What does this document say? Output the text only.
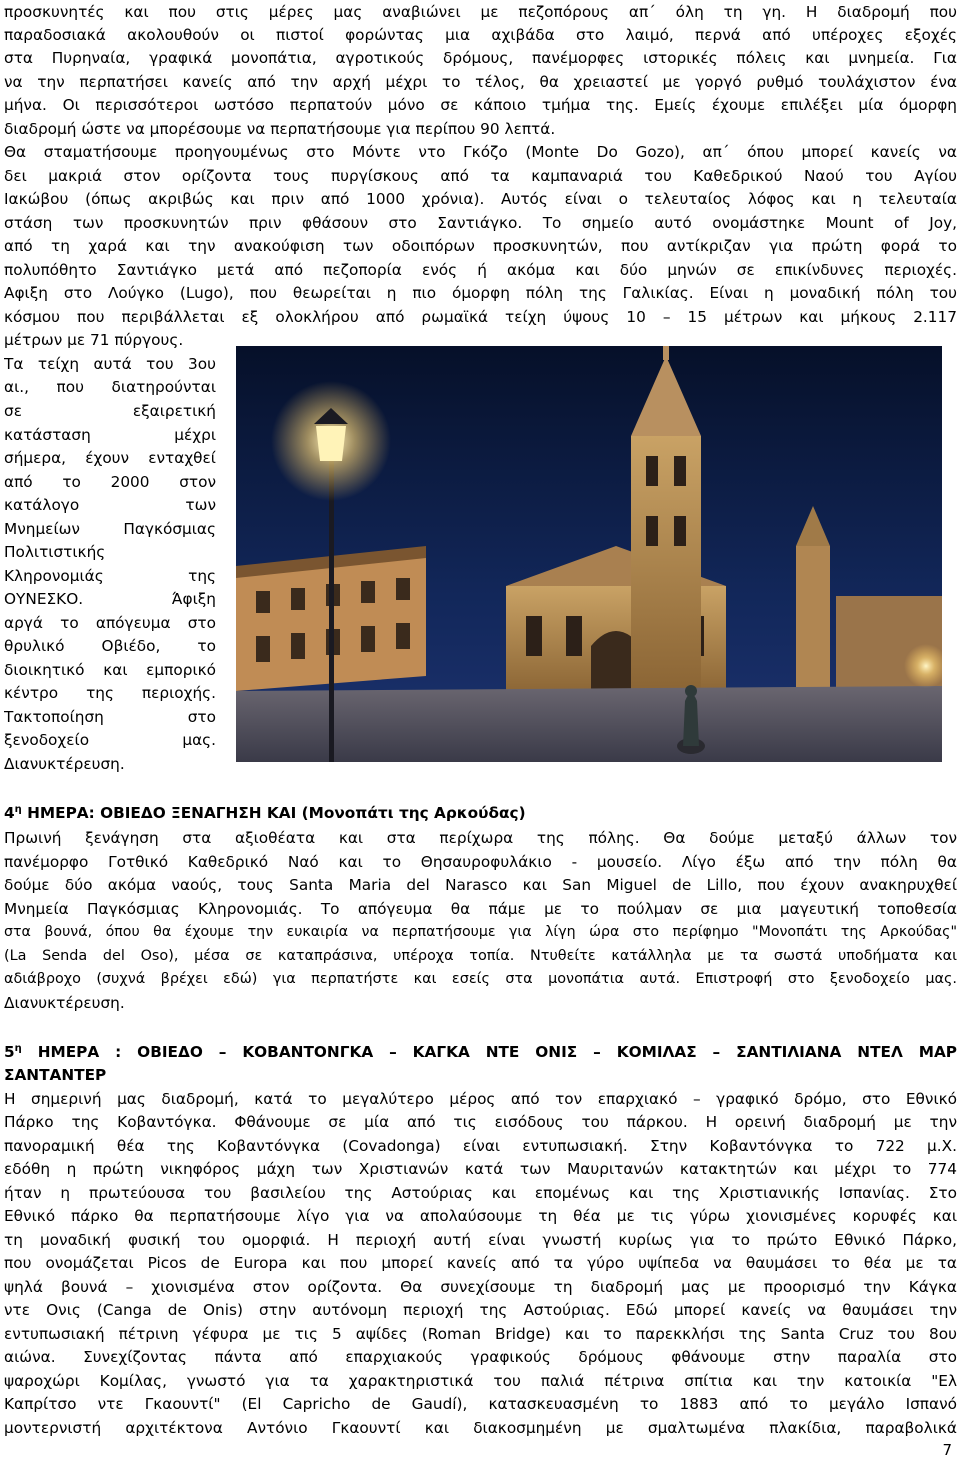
προσκυνητές και που στις μέρες μας αναβιώνει με πεζοπόρους απ΄ όλη τη γη. Η διαδρομή που
παραδοσιακά ακολουθούν οι πιστοί φορώντας μια αχιβάδα στο λαιμό, περνά από υπέροχες εξοχές
στα Πυρηναία, γραφικά μονοπάτια, αγροτικούς δρόμους, πανέμορφες ιστορικές πόλεις και μνημεία. Για
να την περπατήσει κανείς από την αρχή μέχρι το τέλος, θα χρειαστεί με γοργό ρυθμό τουλάχιστον ένα
μήνα. Οι περισσότεροι ωστόσο περπατούν μόνο σε κάποιο τμήμα της. Εμείς έχουμε επιλέξει μία όμορφη
διαδρομή ώστε να μπορέσουμε να περπατήσουμε για περίπου 90 λεπτά.
Θα σταματήσουμε προηγουμένως στο Μόντε ντο Γκόζο (Monte Do Gozo), απ΄ όπου μπορεί κανείς να
δει μακριά στον ορίζοντα τους πυργίσκους από τα καμπαναριά του Καθεδρικού Ναού του Αγίου
Ιακώβου (όπως ακριβώς και πριν από 1000 χρόνια). Αυτός είναι ο τελευταίος λόφος και η τελευταία
στάση των προσκυνητών πριν φθάσουν στο Σαντιάγκο. Το σημείο αυτό ονομάστηκε Mount of Joy,
από τη χαρά και την ανακούφιση των οδοιπόρων προσκυνητών, που αντίκριζαν για πρώτη φορά το
πολυπόθητο Σαντιάγκο μετά από πεζοπορία ενός ή ακόμα και δύο μηνών σε επικίνδυνες περιοχές.
Αφιξη στο Λούγκο (Lugo), που θεωρείται η πιο όμορφη πόλη της Γαλικίας. Είναι η μοναδική πόλη του
κόσμου που περιβάλλεται εξ ολοκλήρου από ρωμαϊκά τείχη ύψους 10 – 15 μέτρων και μήκους 2.117
μέτρων με 71 πύργους.
Τα τείχη αυτά του 3ου
αι., που διατηρούνται
σε εξαιρετική
κατάσταση μέχρι
σήμερα, έχουν ενταχθεί
από το 2000 στον
κατάλογο των
Μνημείων Παγκόσμιας
Πολιτιστικής
Κληρονομιάς της
ΟΥΝΕΣΚΟ. Άφιξη
αργά το απόγευμα στο
θρυλικό Οβιέδο, το
διοικητικό και εμπορικό
κέντρο της περιοχής.
Τακτοποίηση στο
ξενοδοχείο μας.
Διανυκτέρευση.
$4^\eta$ ΗΜΕΡΑ: ΟΒΙΕΔΟ ΞΕΝΑΓΗΣΗ ΚΑΙ (Μονοπάτι της Αρκούδας)
Πρωινή ξενάγηση στα αξιοθέατα και στα περίχωρα της πόλης. Θα δούμε μεταξύ άλλων τον
πανέμορφο Γοτθικό Καθεδρικό Ναό και το Θησαυροφυλάκιο - μουσείο. Λίγο έξω από την πόλη θα
δούμε δύο ακόμα ναούς, τους Santa Maria del Narasco και San Miguel de Lillo, που έχουν ανακηρυχθεί
Μνημεία Παγκόσμιας Κληρονομιάς. Το απόγευμα θα πάμε με το πούλμαν σε μια μαγευτική τοποθεσία
στα βουνά, όπου θα έχουμε την ευκαιρία να περπατήσουμε για λίγη ώρα στο περίφημο "Μονοπάτι της Αρκούδας"
(La Senda del Oso), μέσα σε καταπράσινα, υπέροχα τοπία. Ντυθείτε κατάλληλα με τα σωστά υποδήματα και
αδιάβροχο (συχνά βρέχει εδώ) για περπατήστε και εσείς στα μονοπάτια αυτά. Επιστροφή στο ξενοδοχείο μας.
Διανυκτέρευση.
$5^\eta$ ΗΜΕΡΑ : ΟΒΙΕΔΟ – ΚΟΒΑΝΤΟΝΓΚΑ – ΚΑΓΚΑ ΝΤΕ ΟΝΙΣ – ΚΟΜΙΛΑΣ – ΣΑΝΤΙΛΙΑΝΑ ΝΤΕΛ ΜΑΡ
ΣΑΝΤΑΝΤΕΡ
Η σημερινή μας διαδρομή, κατά το μεγαλύτερο μέρος από τον επαρχιακό – γραφικό δρόμο, στο Εθνικό
Πάρκο της Κοβαντόγκα. Φθάνουμε σε μία από τις εισόδους του πάρκου. Η ορεινή διαδρομή με την
πανοραμική θέα της Κοβαντόνγκα (Covadonga) είναι εντυπωσιακή. Στην Κοβαντόνγκα το 722 μ.Χ.
εδόθη η πρώτη νικηφόρος μάχη των Χριστιανών κατά των Μαυριτανών κατακτητών και μέχρι το 774
ήταν η πρωτεύουσα του βασιλείου της Αστούριας και επομένως και της Χριστιανικής Ισπανίας. Στο
Εθνικό πάρκο θα περπατήσουμε λίγο για να απολαύσουμε τη θέα με τις γύρω χιονισμένες κορυφές και
τη μοναδική φυσική του ομορφιά. Η περιοχή αυτή είναι γνωστή κυρίως για το πρώτο Εθνικό Πάρκο,
που ονομάζεται Picos de Europa και που μπορεί κανείς από τα γύρο υψίπεδα να θαυμάσει το θέα με τα
ψηλά βουνά – χιονισμένα στον ορίζοντα. Θα συνεχίσουμε τη διαδρομή μας με προορισμό την Κάγκα
ντε Ονις (Canga de Onis) στην αυτόνομη περιοχή της Αστούριας. Εδώ μπορεί κανείς να θαυμάσει την
εντυπωσιακή πέτρινη γέφυρα με τις 5 αψίδες (Roman Bridge) και το παρεκκλήσι της Santa Cruz του 8ου
αιώνα. Συνεχίζοντας πάντα από επαρχιακούς γραφικούς δρόμους φθάνουμε στην παραλία στο
ψαροχώρι Κομίλας, γνωστό για τα χαρακτηριστικά του παλιά πέτρινα σπίτια και την κατοικία "Ελ
Καπρίτσο ντε Γκαουντί" (El Capricho de Gaudí), κατασκευασμένη το 1883 από το μεγάλο Ισπανό
μοντερνιστή αρχιτέκτονα Αντόνιο Γκαουντί και διακοσμημένη με σμαλτωμένα πλακίδια, παραβολικά
7
